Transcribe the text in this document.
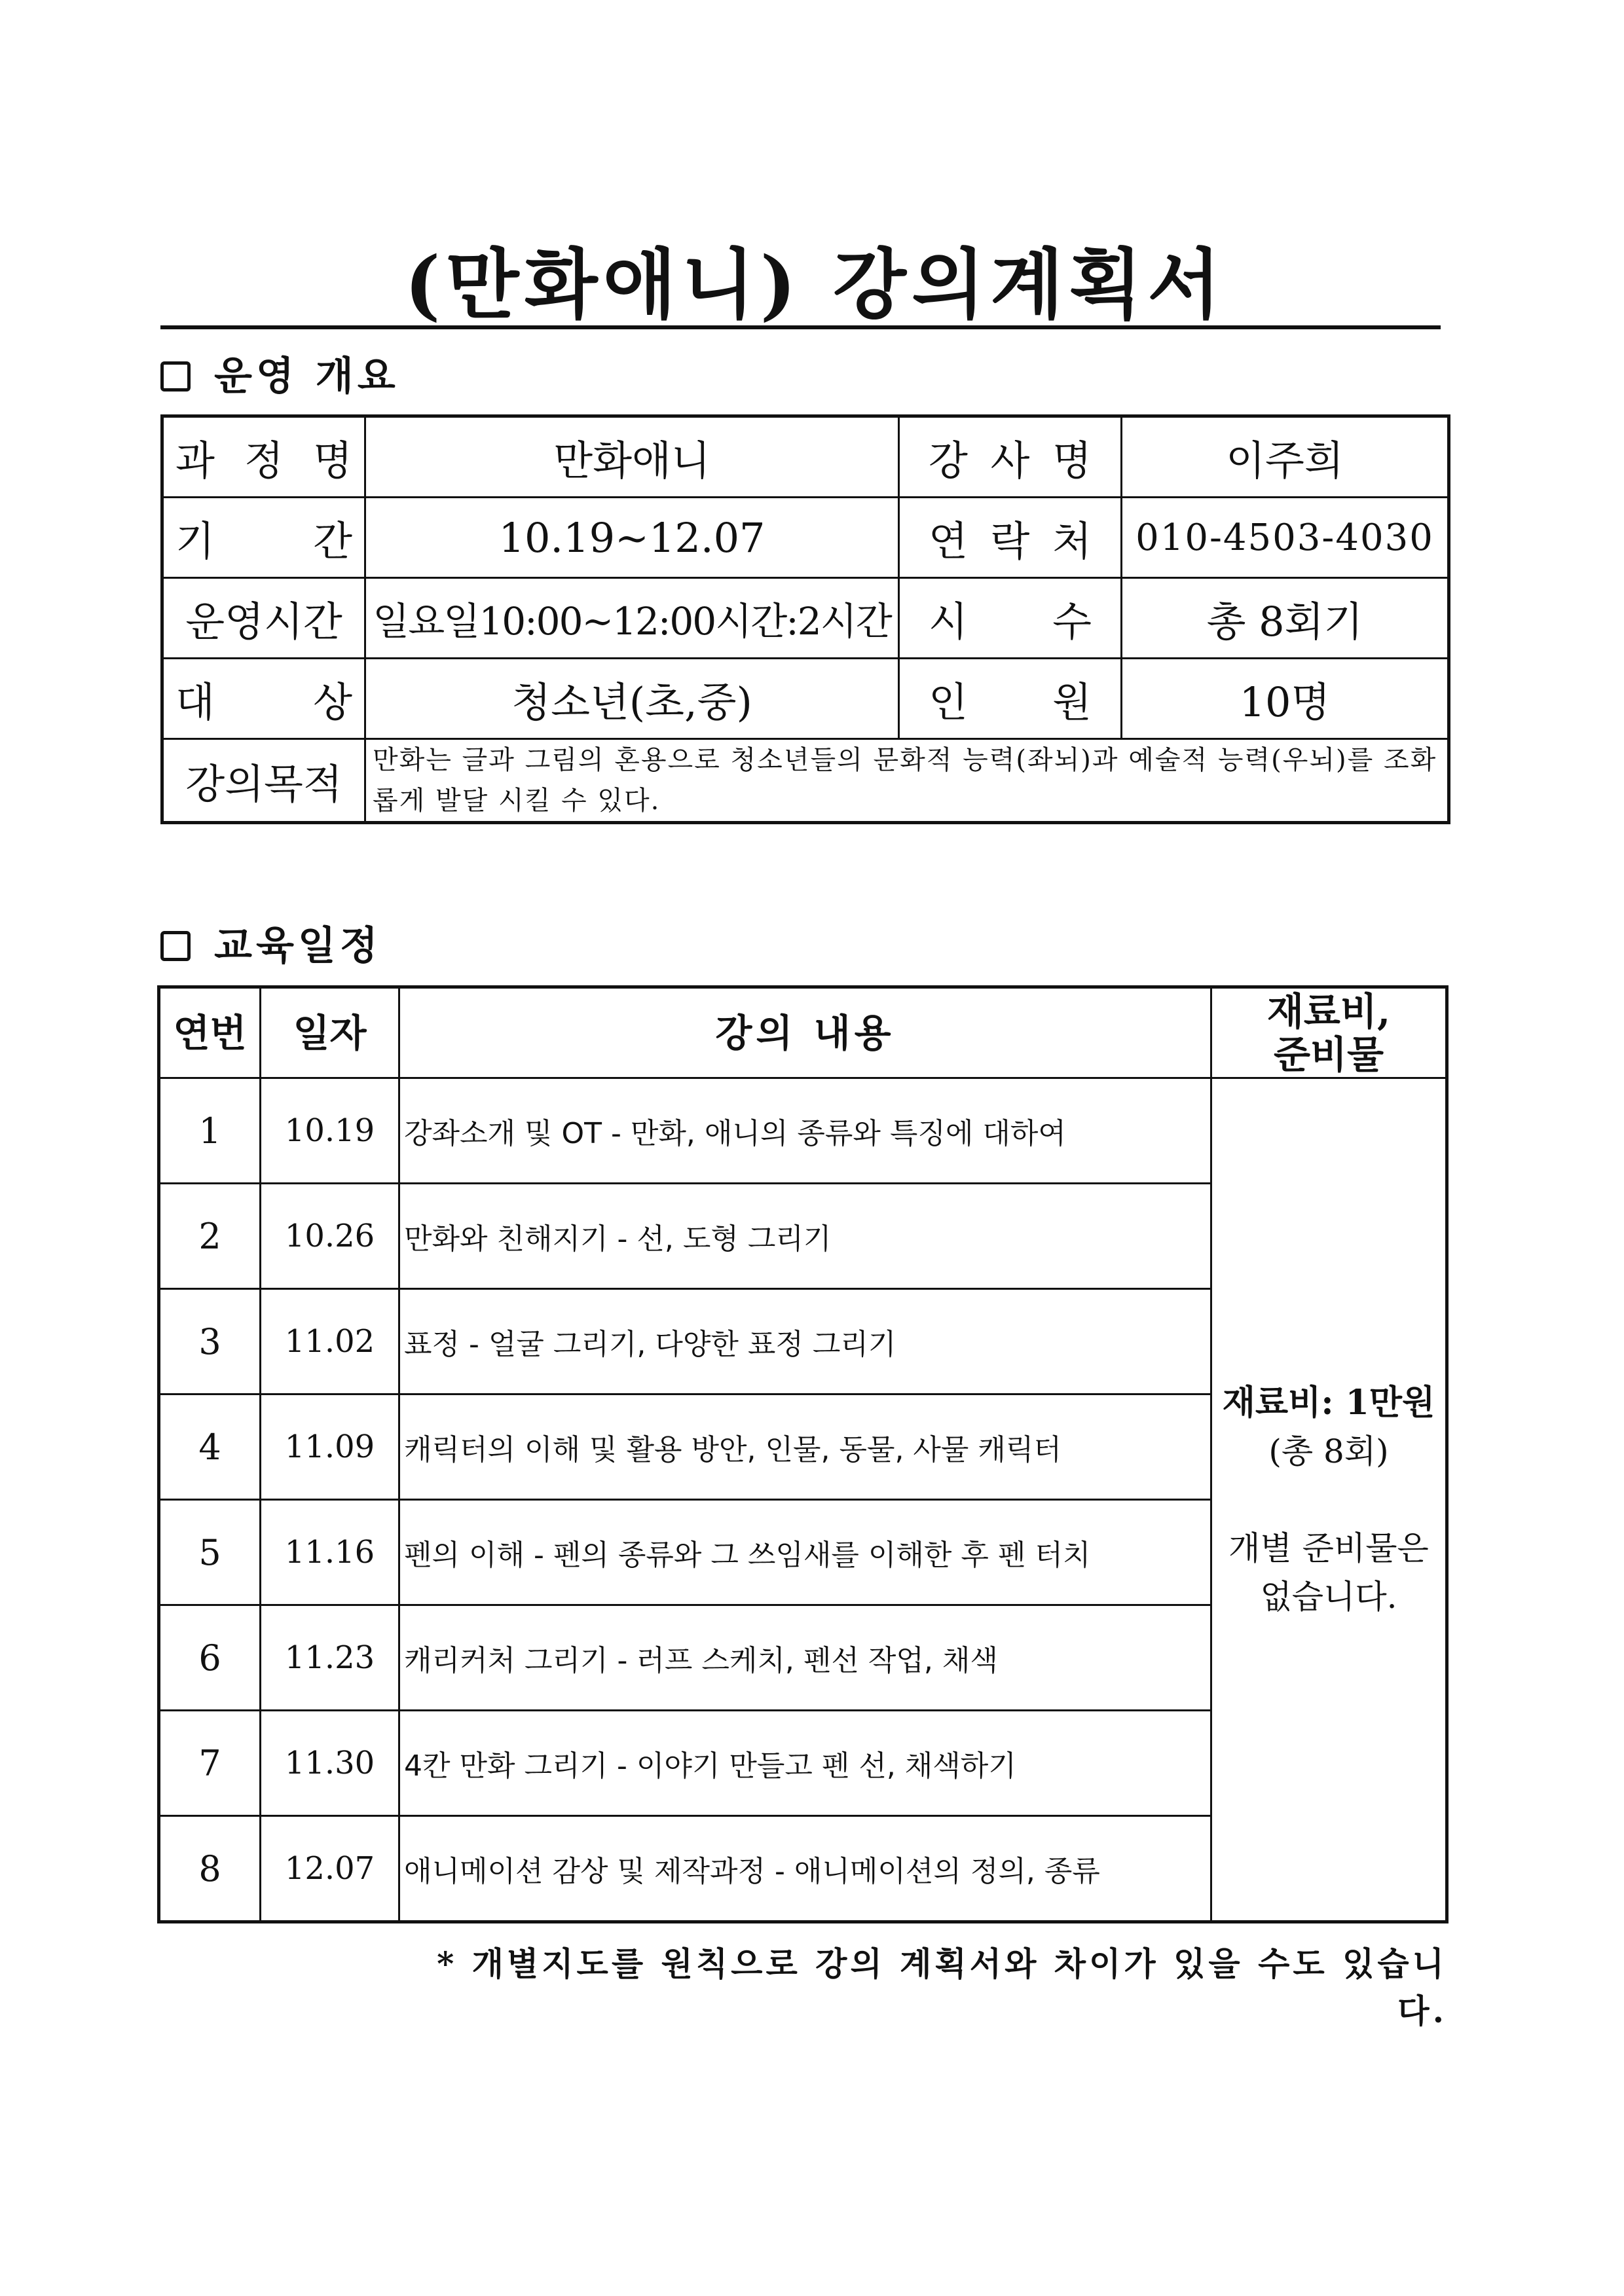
(만화애니) 강의계획서
운영 개요
과 정 명	만화애니	강 사 명	이주희

기 간	10.19~12.07	연 락 처	010-4503-4030
운영시간	일요일10:00~12:00시간:2시간	시 수	총 8회기

대 상	청소년(초,중)	인 원	10명
강의목적	만화는 글과 그림의 혼용으로 청소년들의 문화적 능력(좌뇌)과 예술적 능력(우뇌)를 조화롭게 발달 시킬 수 있다.		
교육일정
연번	일자	강의 내용	재료비,
준비물

1	10.19	강좌소개 및 OT - 만화, 애니의 종류와 특징에 대하여	재료비: 1만원
(총 8회)
개별 준비물은
없습니다.

2	10.26	만화와 친해지기 - 선, 도형 그리기	
3	11.02	표정 - 얼굴 그리기, 다양한 표정 그리기	
4	11.09	캐릭터의 이해 및 활용 방안, 인물, 동물, 사물 캐릭터	
5	11.16	펜의 이해 - 펜의 종류와 그 쓰임새를 이해한 후 펜 터치	
6	11.23	캐리커처 그리기 - 러프 스케치, 펜선 작업, 채색	
7	11.30	4칸 만화 그리기 - 이야기 만들고 펜 선, 채색하기	
8	12.07	애니메이션 감상 및 제작과정 - 애니메이션의 정의, 종류	
* 개별지도를 원칙으로 강의 계획서와 차이가 있을 수도 있습니다.
